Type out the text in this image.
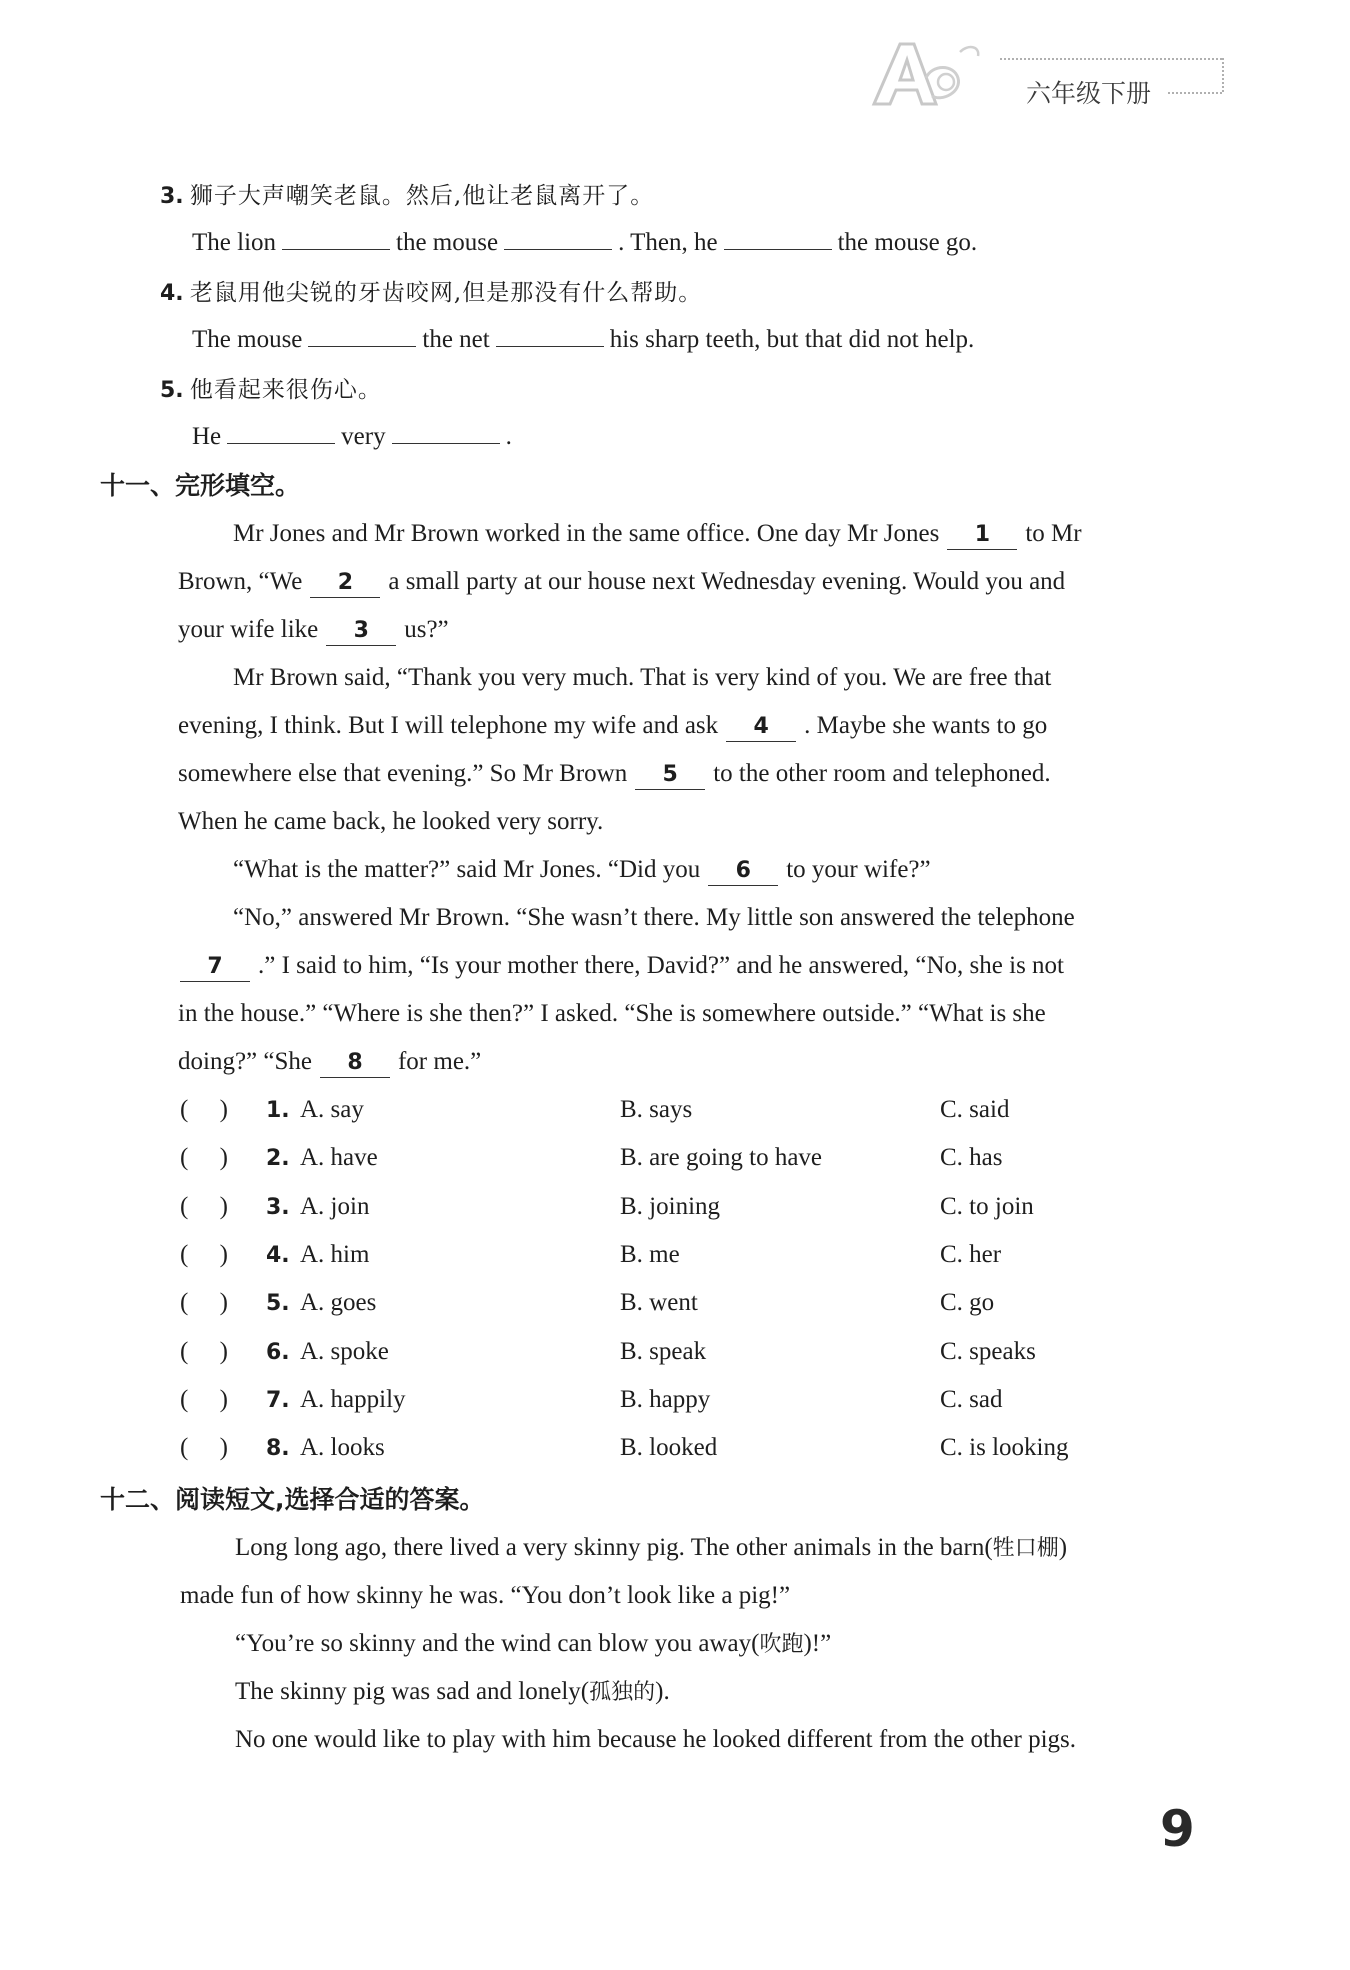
六年级下册
3. 狮子大声嘲笑老鼠。然后,他让老鼠离开了。
The lion	the mouse	. Then, he	the mouse go.
4. 老鼠用他尖锐的牙齿咬网,但是那没有什么帮助。
The mouse	the net	his sharp teeth, but that did not help.
5. 他看起来很伤心。
He	very	.
十一、完形填空。
Mr Jones and Mr Brown worked in the same office. One day Mr Jones 1 to Mr
Brown, “We 2 a small party at our house next Wednesday evening. Would you and
your wife like 3 us?”
Mr Brown said, “Thank you very much. That is very kind of you. We are free that
evening, I think. But I will telephone my wife and ask 4 . Maybe she wants to go
somewhere else that evening.” So Mr Brown 5 to the other room and telephoned.
When he came back, he looked very sorry.
“What is the matter?” said Mr Jones. “Did you 6 to your wife?”
“No,” answered Mr Brown. “She wasn’t there. My little son answered the telephone
7 .” I said to him, “Is your mother there, David?” and he answered, “No, she is not
in the house.” “Where is she then?” I asked. “She is somewhere outside.” “What is she
doing?” “She 8 for me.”
(     ) 1. A. say	B. says	C. said
(     ) 2. A. have	B. are going to have	C. has
(     ) 3. A. join	B. joining	C. to join
(     ) 4. A. him	B. me	C. her
(     ) 5. A. goes	B. went	C. go
(     ) 6. A. spoke	B. speak	C. speaks
(     ) 7. A. happily	B. happy	C. sad
(     ) 8. A. looks	B. looked	C. is looking
十二、阅读短文,选择合适的答案。
Long long ago, there lived a very skinny pig. The other animals in the barn(牲口棚)
made fun of how skinny he was. “You don’t look like a pig!”
“You’re so skinny and the wind can blow you away(吹跑)!”
The skinny pig was sad and lonely(孤独的).
No one would like to play with him because he looked different from the other pigs.
9
